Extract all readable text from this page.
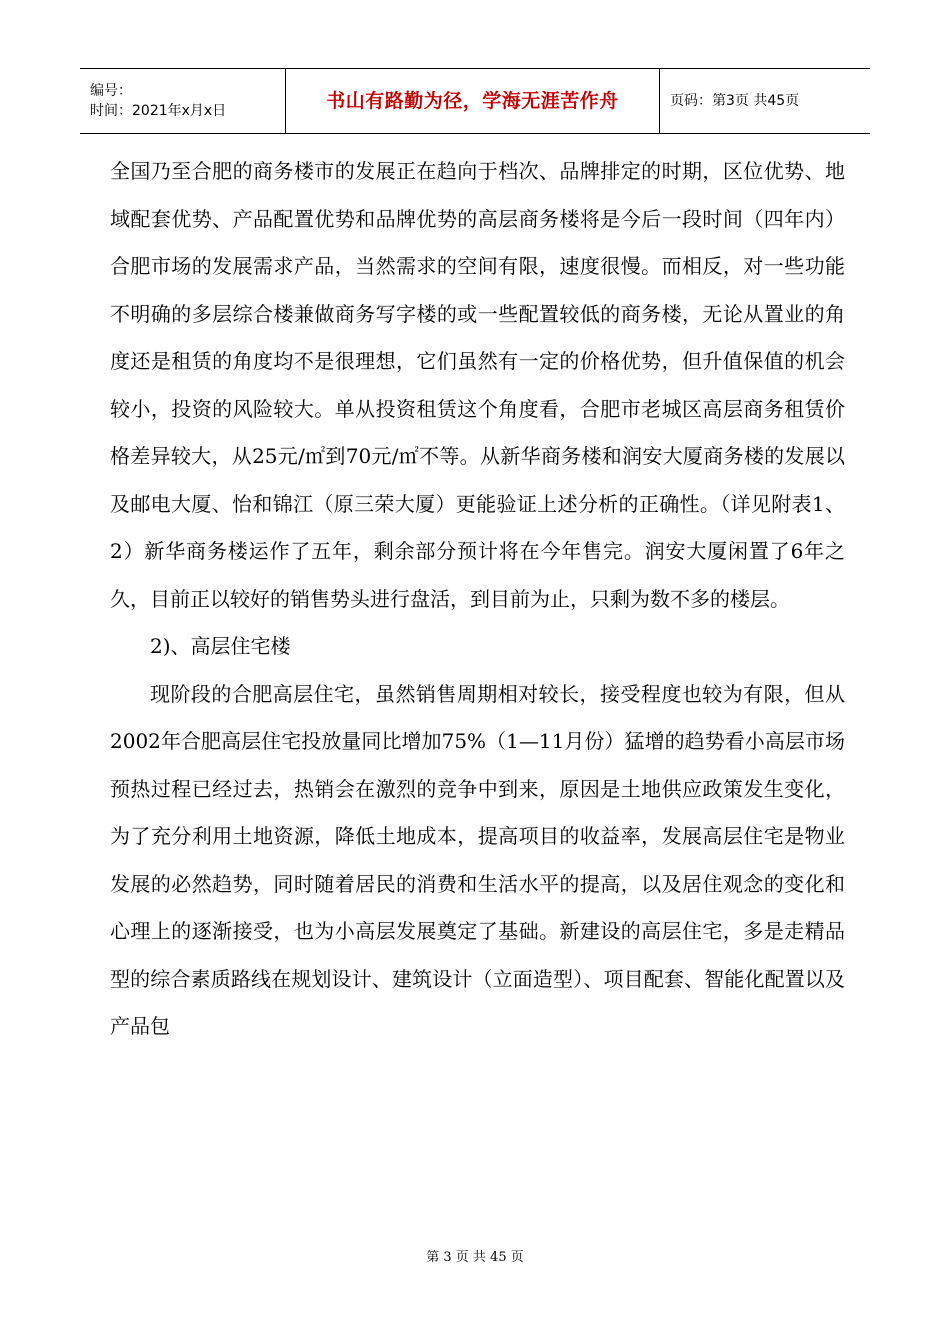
编号：
时间：2021年x月x日	书山有路勤为径，学海无涯苦作舟	页码：第3页 共45页

全国乃至合肥的商务楼市的发展正在趋向于档次、品牌排定的时期，区位优势、地域配套优势、产品配置优势和品牌优势的高层商务楼将是今后一段时间（四年内）合肥市场的发展需求产品，当然需求的空间有限，速度很慢。而相反，对一些功能不明确的多层综合楼兼做商务写字楼的或一些配置较低的商务楼，无论从置业的角度还是租赁的角度均不是很理想，它们虽然有一定的价格优势，但升值保值的机会较小，投资的风险较大。单从投资租赁这个角度看，合肥市老城区高层商务租赁价格差异较大，从25元/㎡到70元/㎡不等。从新华商务楼和润安大厦商务楼的发展以及邮电大厦、怡和锦江（原三荣大厦）更能验证上述分析的正确性。（详见附表1、2）新华商务楼运作了五年，剩余部分预计将在今年售完。润安大厦闲置了6年之久，目前正以较好的销售势头进行盘活，到目前为止，只剩为数不多的楼层。

2)、高层住宅楼

现阶段的合肥高层住宅，虽然销售周期相对较长，接受程度也较为有限，但从2002年合肥高层住宅投放量同比增加75%（1—11月份）猛增的趋势看小高层市场预热过程已经过去，热销会在激烈的竞争中到来，原因是土地供应政策发生变化，为了充分利用土地资源，降低土地成本，提高项目的收益率，发展高层住宅是物业发展的必然趋势，同时随着居民的消费和生活水平的提高，以及居住观念的变化和心理上的逐渐接受，也为小高层发展奠定了基础。新建设的高层住宅，多是走精品型的综合素质路线在规划设计、建筑设计（立面造型）、项目配套、智能化配置以及产品包

第 3 页 共 45 页
